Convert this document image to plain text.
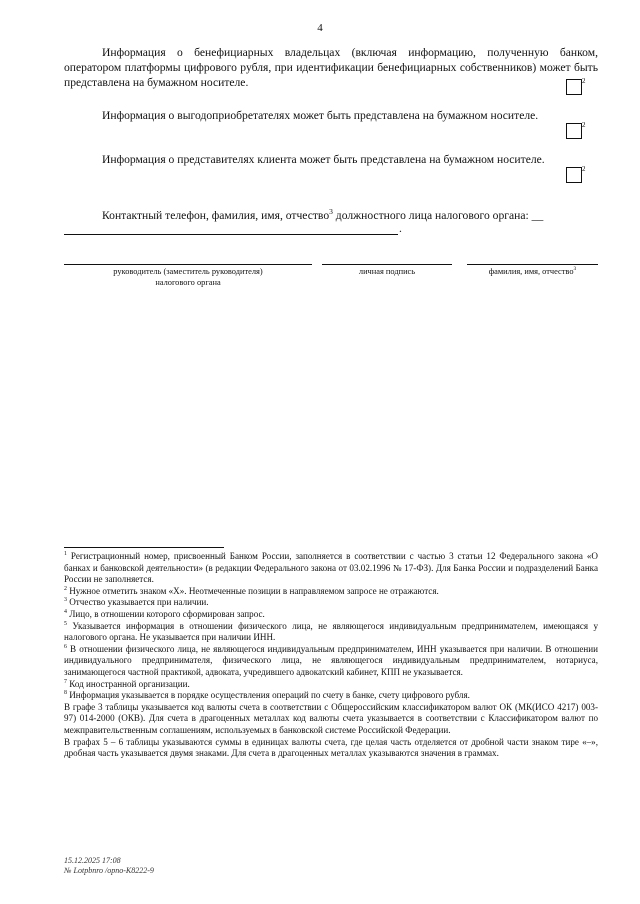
4
Информация о бенефициарных владельцах (включая информацию, полученную банком, оператором платформы цифрового рубля, при идентификации бенефициарных собственников) может быть представлена на бумажном носителе.	2
Информация о выгодоприобретателях может быть представлена на бумажном носителе.
2
Информация о представителях клиента может быть представлена на бумажном носителе.
2
Контактный телефон, фамилия, имя, отчество$^3$ должностного лица налогового органа: __
.
руководитель (заместитель руководителя)
налогового органа
личная подпись	фамилия, имя, отчество$^3$
$^1$ Регистрационный номер, присвоенный Банком России, заполняется в соответствии с частью 3 статьи 12 Федерального закона «О банках и банковской деятельности» (в редакции Федерального закона от 03.02.1996 № 17-ФЗ). Для Банка России и подразделений Банка России не заполняется.
$^2$ Нужное отметить знаком «X». Неотмеченные позиции в направляемом запросе не отражаются.
$^3$ Отчество указывается при наличии.
$^4$ Лицо, в отношении которого сформирован запрос.
$^5$ Указывается информация в отношении физического лица, не являющегося индивидуальным предпринимателем, имеющаяся у налогового органа. Не указывается при наличии ИНН.
$^6$ В отношении физического лица, не являющегося индивидуальным предпринимателем, ИНН указывается при наличии. В отношении индивидуального предпринимателя, физического лица, не являющегося индивидуальным предпринимателем, нотариуса, занимающегося частной практикой, адвоката, учредившего адвокатский кабинет, КПП не указывается.
$^7$ Код иностранной организации.
$^8$ Информация указывается в порядке осуществления операций по счету в банке, счету цифрового рубля.
В графе 3 таблицы указывается код валюты счета в соответствии с Общероссийским классификатором валют ОК (МК(ИСО 4217) 003-97) 014-2000 (ОКВ). Для счета в драгоценных металлах код валюты счета указывается в соответствии с Классификатором валют по межправительственным соглашениям, используемых в банковской системе Российской Федерации.
В графах 5 – 6 таблицы указываются суммы в единицах валюты счета, где целая часть отделяется от дробной части знаком тире «–», дробная часть указывается двумя знаками. Для счета в драгоценных металлах указываются значения в граммах.
15.12.2025 17:08
№ Lotpbnro /opno-K8222-9
